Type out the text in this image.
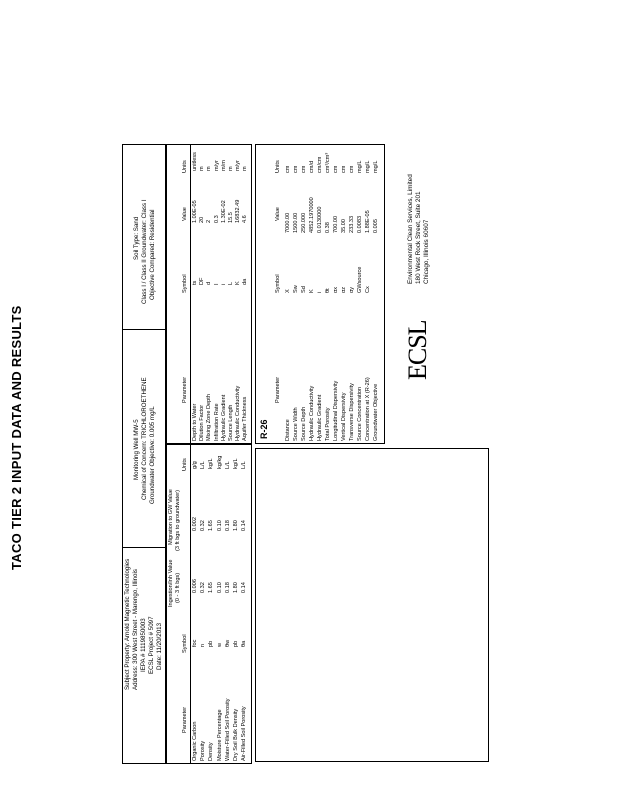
TACO TIER 2 INPUT DATA AND RESULTS
Subject Property: Arnold Magnetic Technologies Address: 300 West Street - Marengo, Illinois IEPA # 1119850003 ECSL Project # 5097 Date: 11/20/2013
Monitoring Well MW-5 Chemical of Concern: TRICHLOROETHENE Groundwater Objective: 0.005 mg/L
Soil Type: Sand Class I / Class II Groundwater: Class I Objective Compared: Residential
Parameter
Symbol
Ingestion/Inh Value (0 - 3 ft bgs)
Migration to GW Value (3 ft bgs to groundwater)
Units
Organic Carbon
foc
0.006
0.002
g/g
Porosity
n
0.32
0.32
L/L
Density
pb
1.65
1.65
kg/L
Moisture Percentage
w
0.10
0.10
kg/kg
Water-Filled Soil Porosity
θw
0.18
0.18
L/L
Dry Soil Bulk Density
pb
1.80
1.80
kg/L
Air-Filled Soil Porosity
θa
0.14
0.14
L/L
Parameter
Symbol
Value
Units
Depth to Water
ts
1.00E-05
unitless
Dilution Factor
DF
20
m
Mixing Zone Depth
d
2
m
Infiltration Rate
I
0.3
m/yr
Hydraulic Gradient
i
1.30E-02
m/m
Source Length
L
15.5
m
Hydraulic Conductivity
K
16832.49
m/yr
Aquifer Thickness
da
4.6
m
R-26
Parameter
Symbol
Value
Units
Distance
X
7000.00
cm
Source Width
Sw
1500.00
cm
Source Depth
Sd
250.000
cm
Hydraulic Conductivity
K
4852.1970000
cm/d
Hydraulic Gradient
i
0.0130000
cm/cm
Total Porosity
θt
0.38
cm³/cm³
Longitudinal Dispersivity
αx
700.00
cm
Vertical Dispersivity
αz
35.00
cm
Transverse Dispersivity
αy
233.33
cm
Source Concentration
GWsource
0.0083
mg/L
Concentration at X (R-26)
Cx
1.88E-05
mg/L
Groundwater Objective
0.005
mg/L
ECSL
Environmental Clean Services, Limited 180 West Rock Street, Suite 201 Chicago, Illinois 60607
